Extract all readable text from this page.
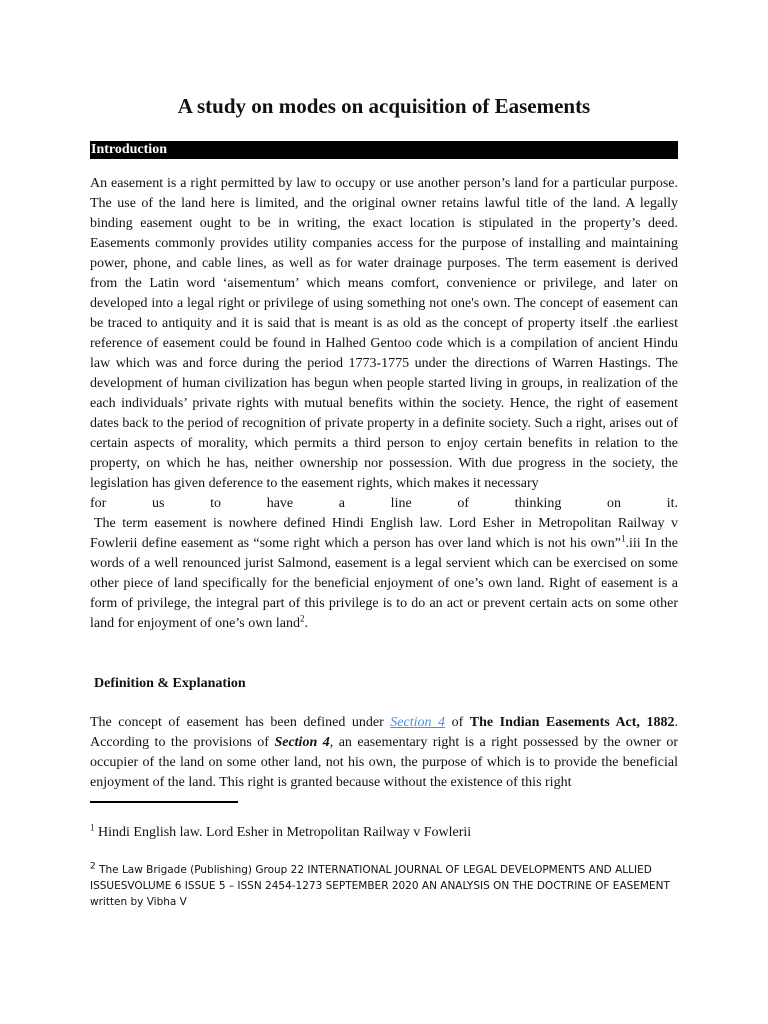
A study on modes on acquisition of Easements
Introduction
An easement is a right permitted by law to occupy or use another person’s land for a particular purpose. The use of the land here is limited, and the original owner retains lawful title of the land. A legally binding easement ought to be in writing, the exact location is stipulated in the property’s deed. Easements commonly provides utility companies access for the purpose of installing and maintaining power, phone, and cable lines, as well as for water drainage purposes. The term easement is derived from the Latin word ‘aisementum’ which means comfort, convenience or privilege, and later on developed into a legal right or privilege of using something not one's own. The concept of easement can be traced to antiquity and it is said that is meant is as old as the concept of property itself .the earliest reference of easement could be found in Halhed Gentoo code which is a compilation of ancient Hindu law which was and force during the period 1773-1775 under the directions of Warren Hastings. The development of human civilization has begun when people started living in groups, in realization of the each individuals’ private rights with mutual benefits within the society. Hence, the right of easement dates back to the period of recognition of private property in a definite society. Such a right, arises out of certain aspects of morality, which permits a third person to enjoy certain benefits in relation to the property, on which he has, neither ownership nor possession. With due progress in the society, the legislation has given deference to the easement rights, which makes it necessary
for us to have a line of thinking on it.
The term easement is nowhere defined Hindi English law. Lord Esher in Metropolitan Railway v Fowlerii define easement as “some right which a person has over land which is not his own”$^1$.iii In the words of a well renounced jurist Salmond, easement is a legal servient which can be exercised on some other piece of land specifically for the beneficial enjoyment of one’s own land. Right of easement is a form of privilege, the integral part of this privilege is to do an act or prevent certain acts on some other land for enjoyment of one’s own land$^2$.
Definition & Explanation
The concept of easement has been defined under Section 4 of The Indian Easements Act, 1882. According to the provisions of Section 4, an easementary right is a right possessed by the owner or occupier of the land on some other land, not his own, the purpose of which is to provide the beneficial enjoyment of the land. This right is granted because without the existence of this right
$^1$ Hindi English law. Lord Esher in Metropolitan Railway v Fowlerii
$^2$ The Law Brigade (Publishing) Group 22 INTERNATIONAL JOURNAL OF LEGAL DEVELOPMENTS AND ALLIED ISSUESVOLUME 6 ISSUE 5 – ISSN 2454-1273 SEPTEMBER 2020 AN ANALYSIS ON THE DOCTRINE OF EASEMENT written by Vibha V
